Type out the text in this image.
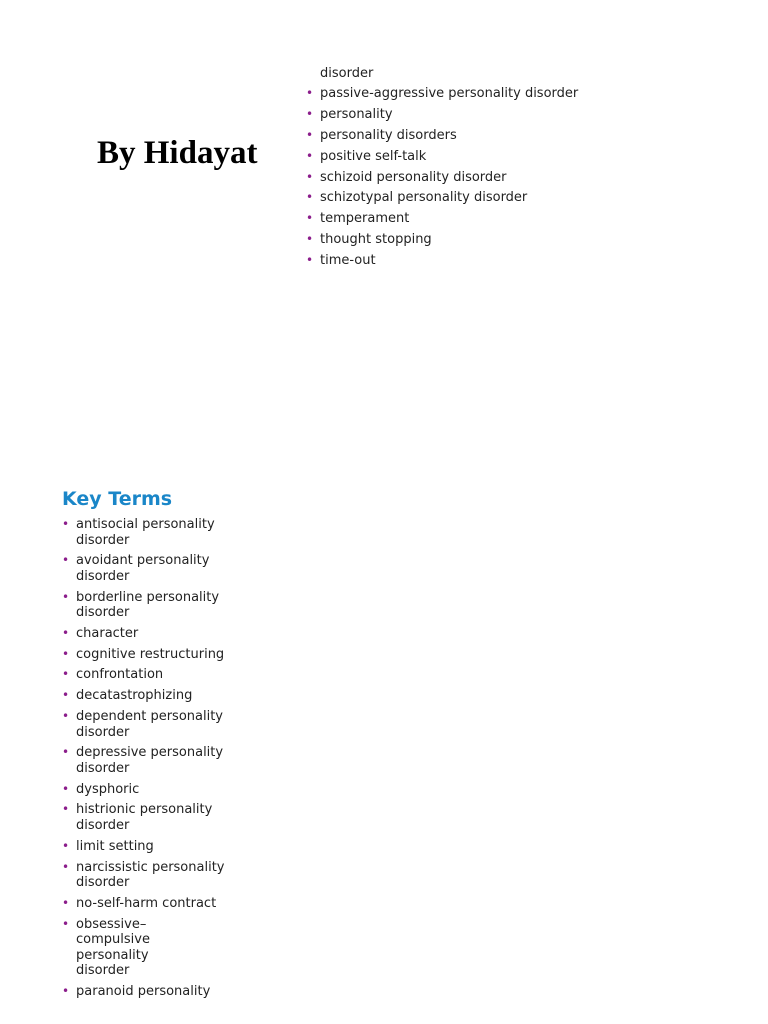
By Hidayat
disorder
• passive-aggressive personality disorder
• personality
• personality disorders
• positive self-talk
• schizoid personality disorder
• schizotypal personality disorder
• temperament
• thought stopping
• time-out
Key Terms
• antisocial personality disorder
• avoidant personality disorder
• borderline personality disorder
• character
• cognitive restructuring
• confrontation
• decatastrophizing
• dependent personality disorder
• depressive personality disorder
• dysphoric
• histrionic personality disorder
• limit setting
• narcissistic personality disorder
• no-self-harm contract
• obsessive–compulsive personality disorder
• paranoid personality
